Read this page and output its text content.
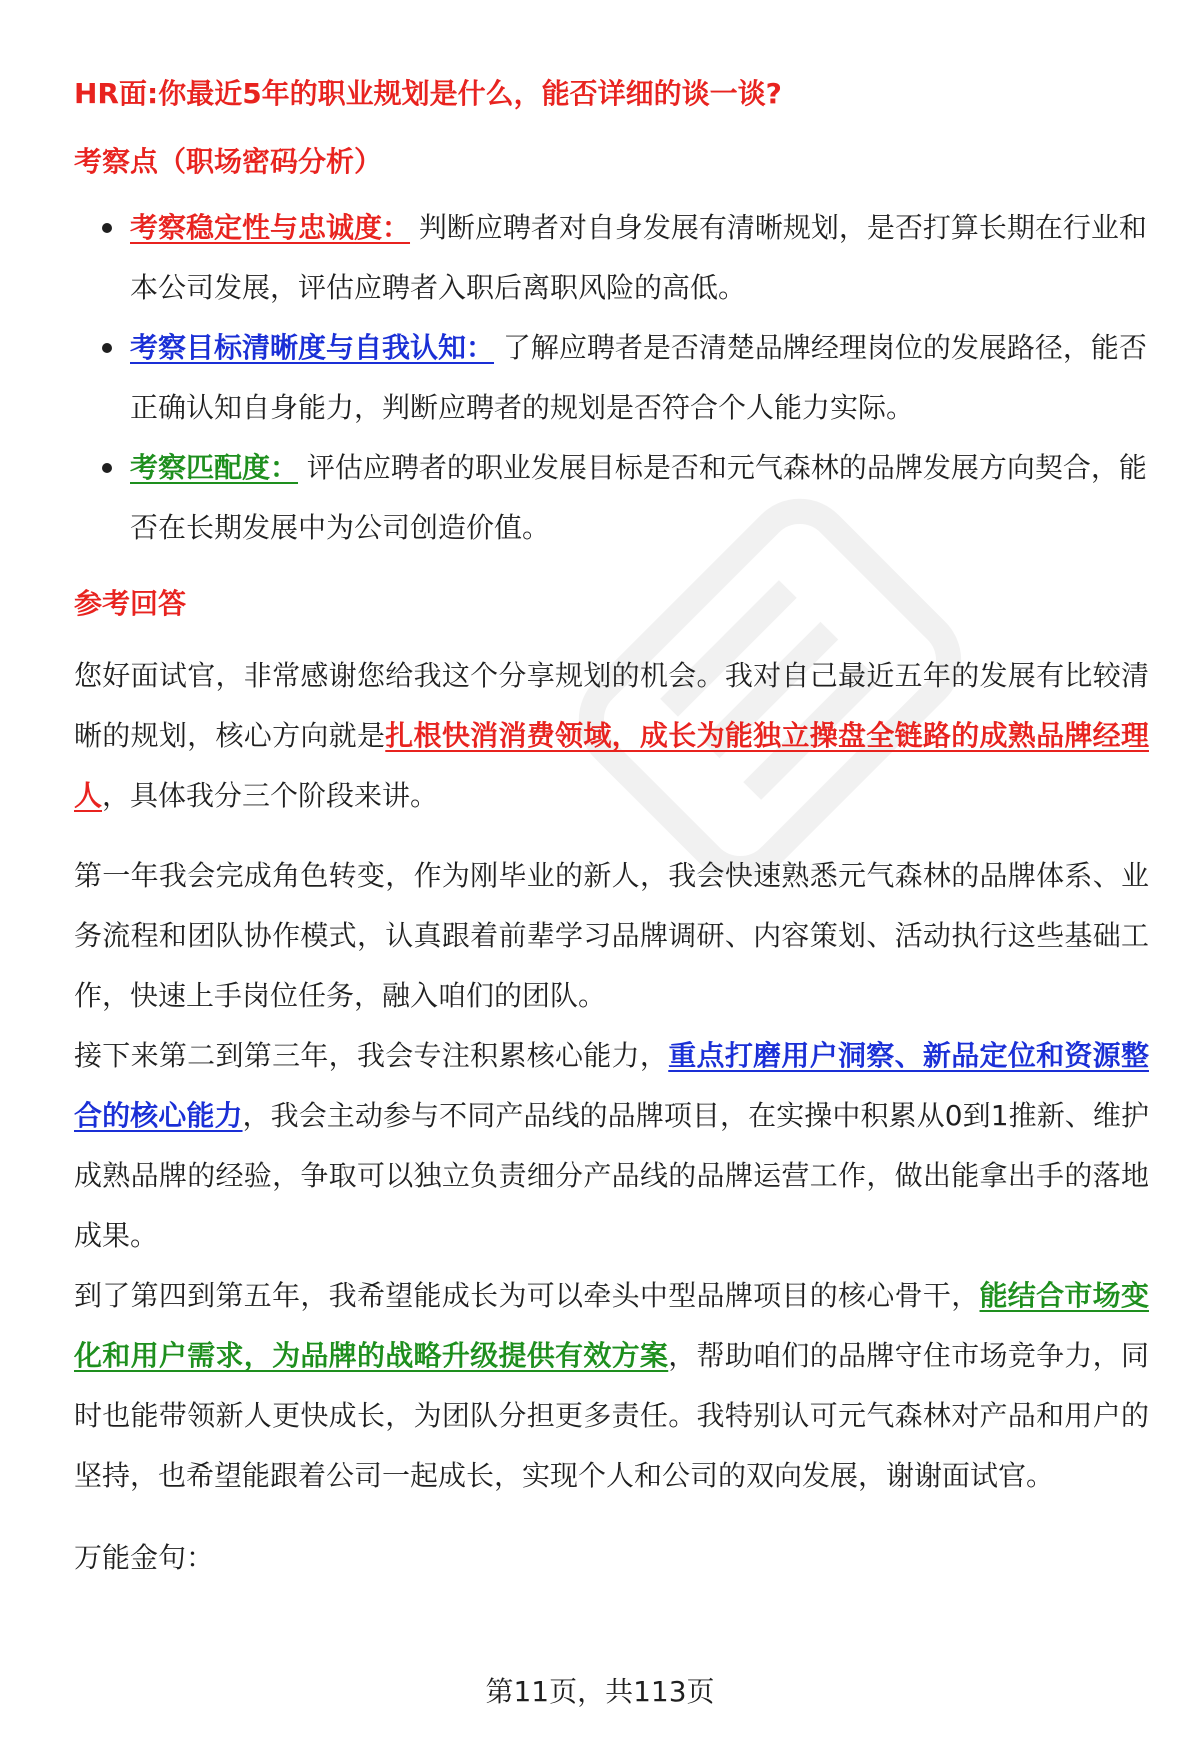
HR面:你最近5年的职业规划是什么，能否详细的谈一谈?
考察点（职场密码分析）
考察稳定性与忠诚度： 判断应聘者对自身发展有清晰规划，是否打算长期在行业和本公司发展，评估应聘者入职后离职风险的高低。
考察目标清晰度与自我认知： 了解应聘者是否清楚品牌经理岗位的发展路径，能否正确认知自身能力，判断应聘者的规划是否符合个人能力实际。
考察匹配度： 评估应聘者的职业发展目标是否和元气森林的品牌发展方向契合，能否在长期发展中为公司创造价值。
参考回答

您好面试官，非常感谢您给我这个分享规划的机会。我对自己最近五年的发展有比较清晰的规划，核心方向就是扎根快消消费领域，成长为能独立操盘全链路的成熟品牌经理人，具体我分三个阶段来讲。

第一年我会完成角色转变，作为刚毕业的新人，我会快速熟悉元气森林的品牌体系、业务流程和团队协作模式，认真跟着前辈学习品牌调研、内容策划、活动执行这些基础工作，快速上手岗位任务，融入咱们的团队。

接下来第二到第三年，我会专注积累核心能力，重点打磨用户洞察、新品定位和资源整合的核心能力，我会主动参与不同产品线的品牌项目，在实操中积累从0到1推新、维护成熟品牌的经验，争取可以独立负责细分产品线的品牌运营工作，做出能拿出手的落地成果。

到了第四到第五年，我希望能成长为可以牵头中型品牌项目的核心骨干，能结合市场变化和用户需求，为品牌的战略升级提供有效方案，帮助咱们的品牌守住市场竞争力，同时也能带领新人更快成长，为团队分担更多责任。我特别认可元气森林对产品和用户的坚持，也希望能跟着公司一起成长，实现个人和公司的双向发展，谢谢面试官。

万能金句：
第11页，共113页
